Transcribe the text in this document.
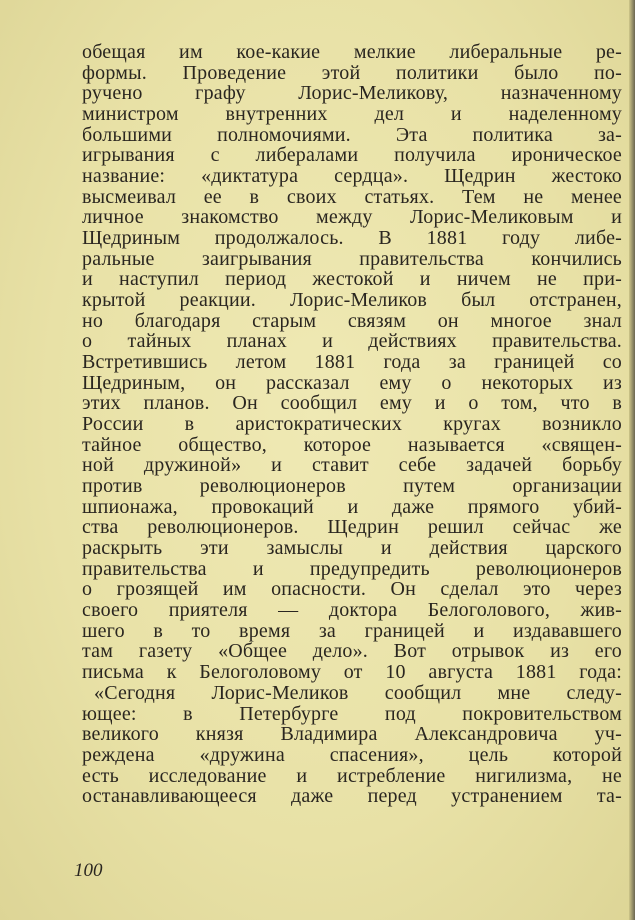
обещая им кое-какие мелкие либеральные ре-
формы. Проведение этой политики было по-
ручено графу Лорис-Меликову, назначенному
министром внутренних дел и наделенному
большими полномочиями. Эта политика за-
игрывания с либералами получила ироническое
название: «диктатура сердца». Щедрин жестоко
высмеивал ее в своих статьях. Тем не менее
личное знакомство между Лорис-Меликовым и
Щедриным продолжалось. В 1881 году либе-
ральные заигрывания правительства кончились
и наступил период жестокой и ничем не при-
крытой реакции. Лорис-Меликов был отстранен,
но благодаря старым связям он многое знал
о тайных планах и действиях правительства.
Встретившись летом 1881 года за границей со
Щедриным, он рассказал ему о некоторых из
этих планов. Он сообщил ему и о том, что в
России в аристократических кругах возникло
тайное общество, которое называется «священ-
ной дружиной» и ставит себе задачей борьбу
против революционеров путем организации
шпионажа, провокаций и даже прямого убий-
ства революционеров. Щедрин решил сейчас же
раскрыть эти замыслы и действия царского
правительства и предупредить революционеров
о грозящей им опасности. Он сделал это через
своего приятеля — доктора Белоголового, жив-
шего в то время за границей и издававшего
там газету «Общее дело». Вот отрывок из его
письма к Белоголовому от 10 августа 1881 года:
«Сегодня Лорис-Меликов сообщил мне следу-
ющее: в Петербурге под покровительством
великого князя Владимира Александровича уч-
реждена «дружина спасения», цель которой
есть исследование и истребление нигилизма, не
останавливающееся даже перед устранением та-
100
